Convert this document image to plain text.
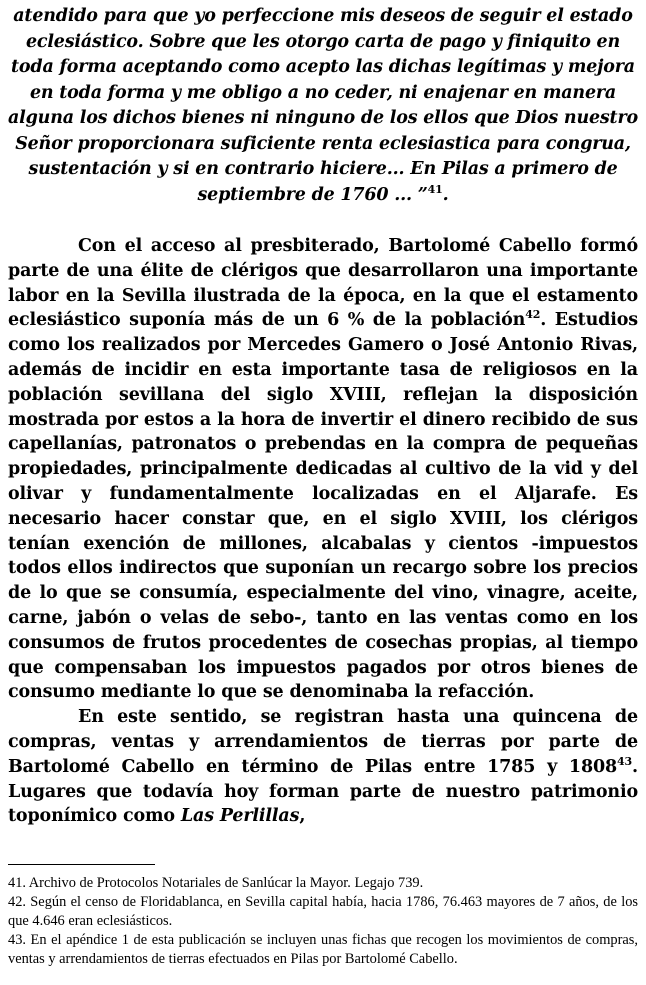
atendido para que yo perfeccione mis deseos de seguir el estado eclesiástico. Sobre que les otorgo carta de pago y finiquito en toda forma aceptando como acepto las dichas legítimas y mejora en toda forma y me obligo a no ceder, ni enajenar en manera alguna los dichos bienes ni ninguno de los ellos que Dios nuestro Señor proporcionara suficiente renta eclesiastica para congrua, sustentación y si en contrario hiciere... En Pilas a primero de septiembre de 1760 ... ”$^{41}$.

Con el acceso al presbiterado, Bartolomé Cabello formó parte de una élite de clérigos que desarrollaron una importante labor en la Sevilla ilustrada de la época, en la que el estamento eclesiástico suponía más de un 6 % de la población$^{42}$. Estudios como los realizados por Mercedes Gamero o José Antonio Rivas, además de incidir en esta importante tasa de religiosos en la población sevillana del siglo XVIII, reflejan la disposición mostrada por estos a la hora de invertir el dinero recibido de sus capellanías, patronatos o prebendas en la compra de pequeñas propiedades, principalmente dedicadas al cultivo de la vid y del olivar y fundamentalmente localizadas en el Aljarafe. Es necesario hacer constar que, en el siglo XVIII, los clérigos tenían exención de millones, alcabalas y cientos -impuestos todos ellos indirectos que suponían un recargo sobre los precios de lo que se consumía, especialmente del vino, vinagre, aceite, carne, jabón o velas de sebo-, tanto en las ventas como en los consumos de frutos procedentes de cosechas propias, al tiempo que compensaban los impuestos pagados por otros bienes de consumo mediante lo que se denominaba la refacción.

En este sentido, se registran hasta una quincena de compras, ventas y arrendamientos de tierras por parte de Bartolomé Cabello en término de Pilas entre 1785 y 1808$^{43}$. Lugares que todavía hoy forman parte de nuestro patrimonio toponímico como Las Perlillas,

41. Archivo de Protocolos Notariales de Sanlúcar la Mayor. Legajo 739.

42. Según el censo de Floridablanca, en Sevilla capital había, hacia 1786, 76.463 mayores de 7 años, de los que 4.646 eran eclesiásticos.

43. En el apéndice 1 de esta publicación se incluyen unas fichas que recogen los movimientos de compras, ventas y arrendamientos de tierras efectuados en Pilas por Bartolomé Cabello.
